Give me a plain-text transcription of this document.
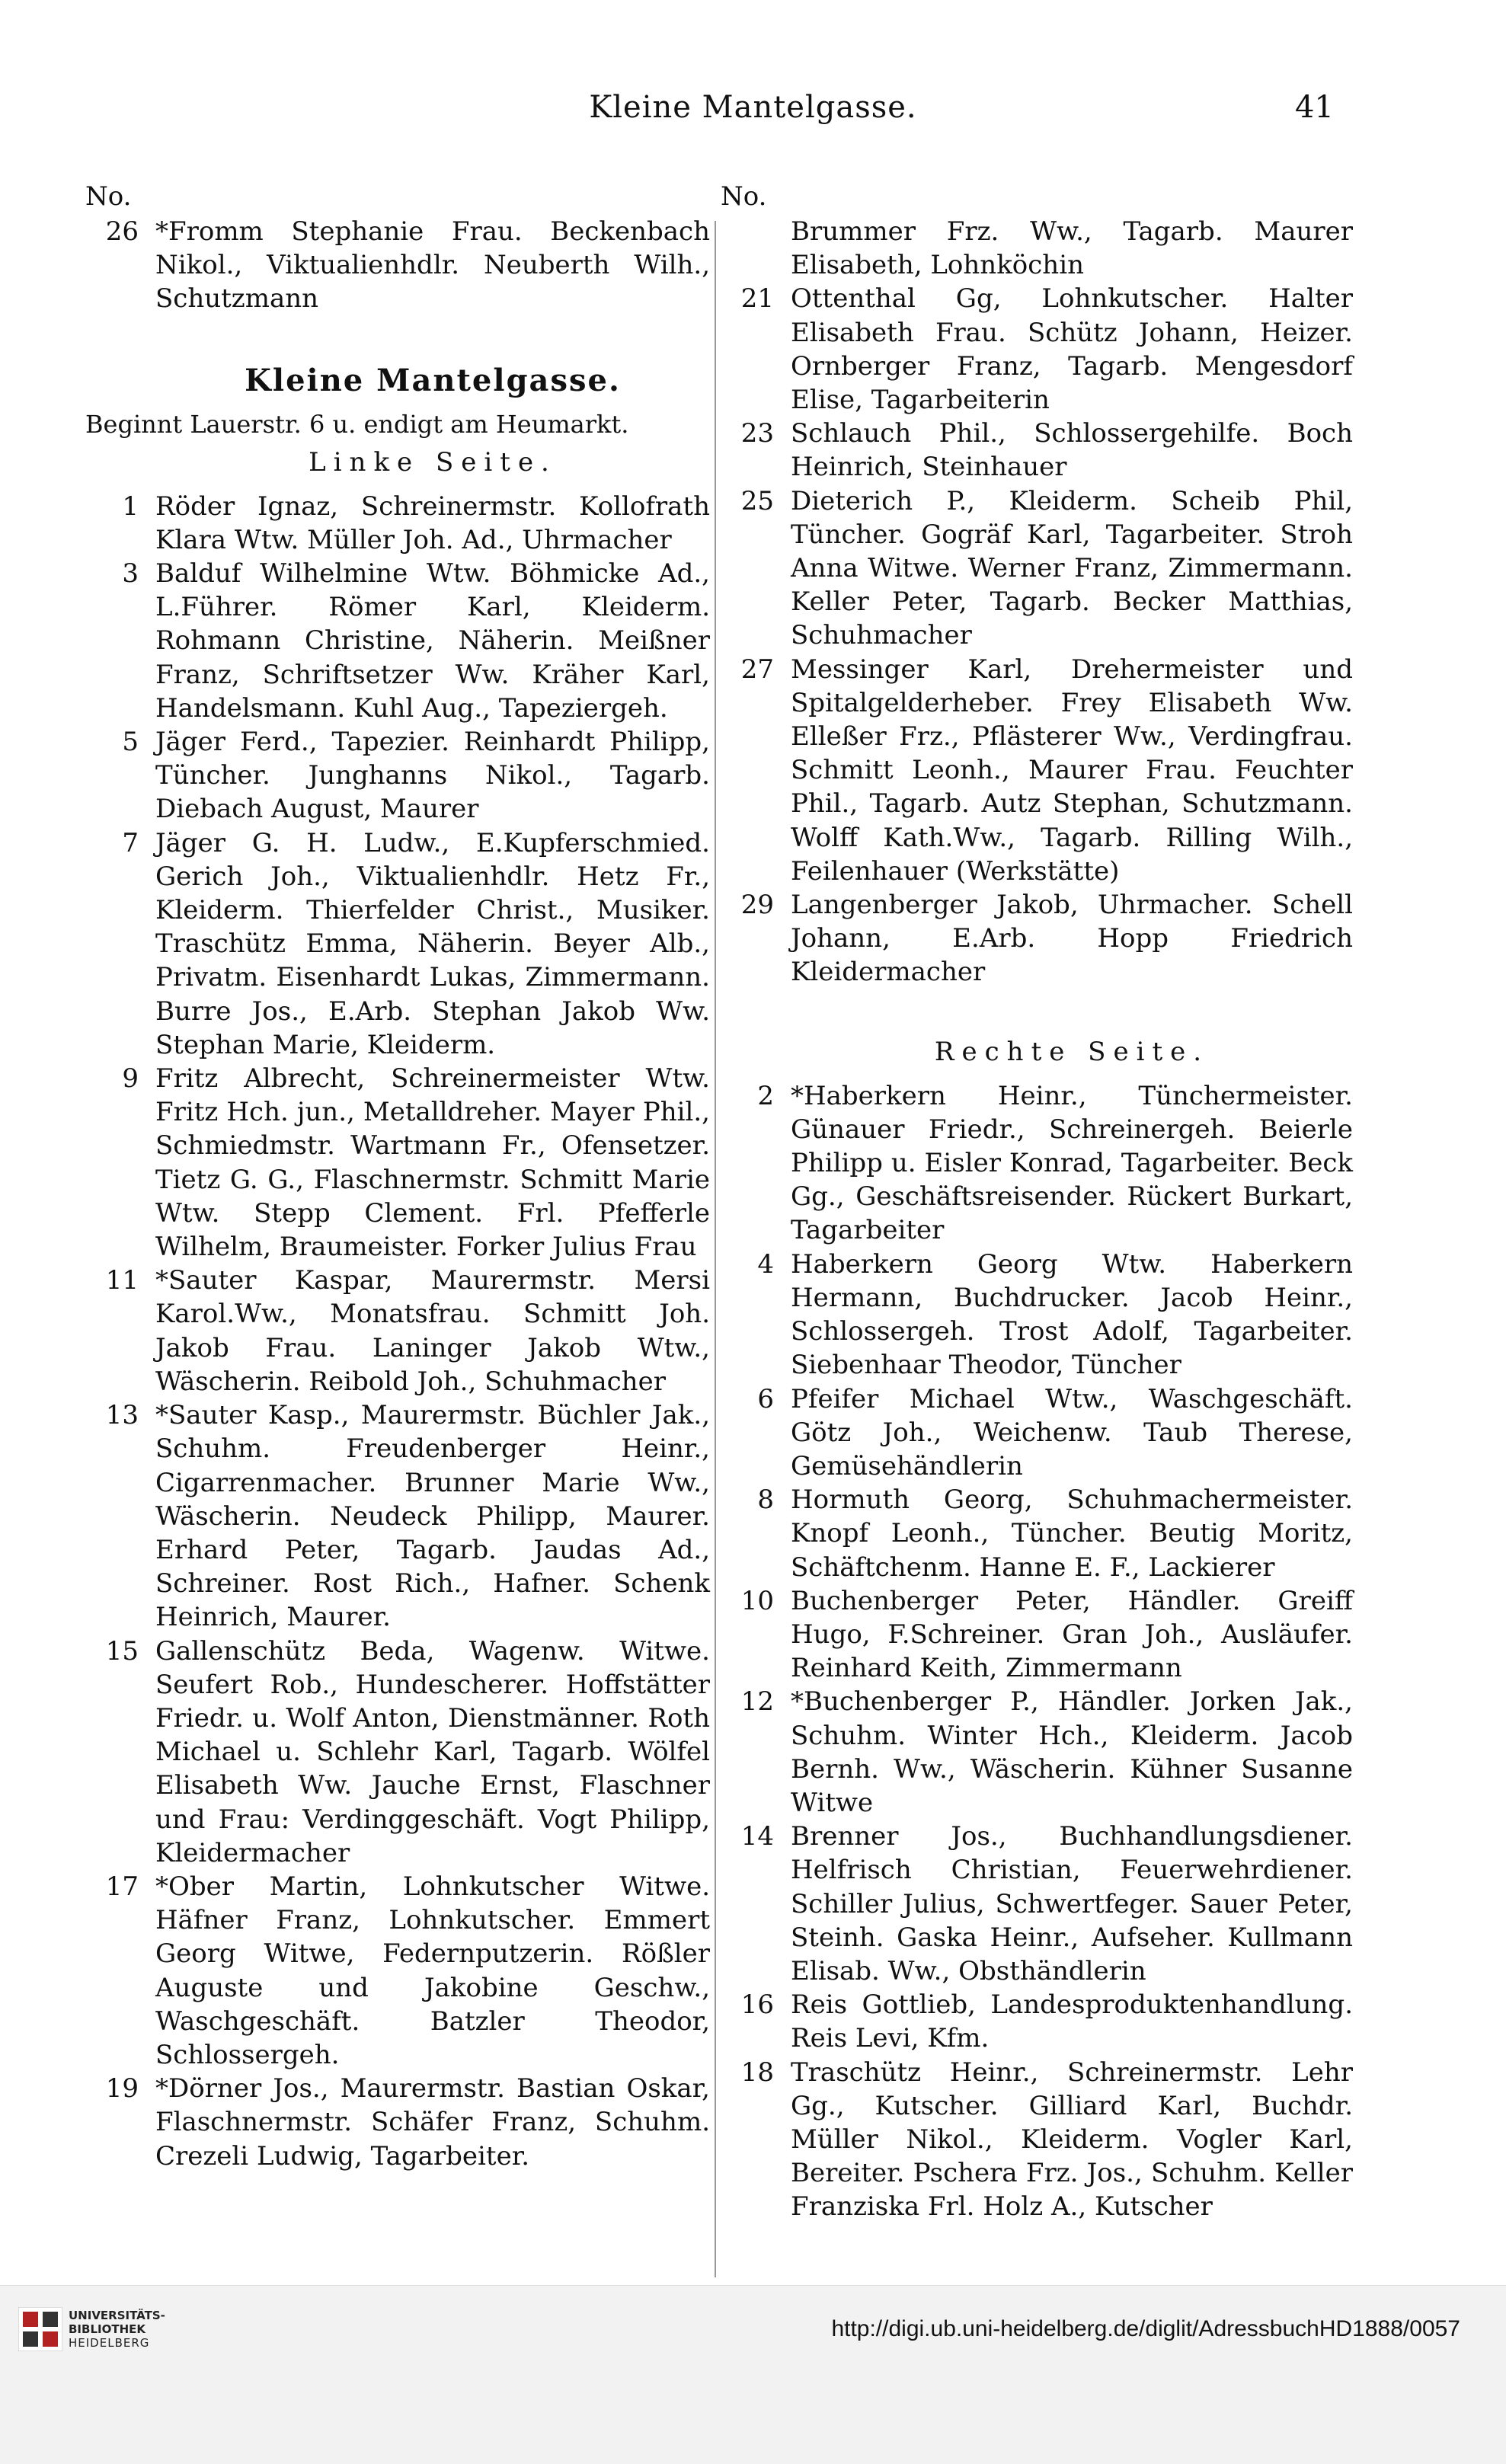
Kleine Mantelgasse.	41
No.
26 *Fromm Stephanie Frau. Beckenbach Nikol., Viktualienhdlr. Neuberth Wilh., Schutzmann
Kleine Mantelgasse.
Beginnt Lauerstr. 6 u. endigt am Heumarkt.
Linke Seite.
1 Röder Ignaz, Schreinermstr. Kollofrath Klara Wtw. Müller Joh. Ad., Uhrmacher
3 Balduf Wilhelmine Wtw. Böhmicke Ad., L.Führer. Römer Karl, Kleiderm. Rohmann Christine, Näherin. Meißner Franz, Schriftsetzer Ww. Kräher Karl, Handelsmann. Kuhl Aug., Tapeziergeh.
5 Jäger Ferd., Tapezier. Reinhardt Philipp, Tüncher. Junghanns Nikol., Tagarb. Diebach August, Maurer
7 Jäger G. H. Ludw., E.Kupferschmied. Gerich Joh., Viktualienhdlr. Hetz Fr., Kleiderm. Thierfelder Christ., Musiker. Traschütz Emma, Näherin. Beyer Alb., Privatm. Eisenhardt Lukas, Zimmermann. Burre Jos., E.Arb. Stephan Jakob Ww. Stephan Marie, Kleiderm.
9 Fritz Albrecht, Schreinermeister Wtw. Fritz Hch. jun., Metalldreher. Mayer Phil., Schmiedmstr. Wartmann Fr., Ofensetzer. Tietz G. G., Flaschnermstr. Schmitt Marie Wtw. Stepp Clement. Frl. Pfefferle Wilhelm, Braumeister. Forker Julius Frau
11 *Sauter Kaspar, Maurermstr. Mersi Karol.Ww., Monatsfrau. Schmitt Joh. Jakob Frau. Laninger Jakob Wtw., Wäscherin. Reibold Joh., Schuhmacher
13 *Sauter Kasp., Maurermstr. Büchler Jak., Schuhm. Freudenberger Heinr., Cigarrenmacher. Brunner Marie Ww., Wäscherin. Neudeck Philipp, Maurer. Erhard Peter, Tagarb. Jaudas Ad., Schreiner. Rost Rich., Hafner. Schenk Heinrich, Maurer.
15 Gallenschütz Beda, Wagenw. Witwe. Seufert Rob., Hundescherer. Hoffstätter Friedr. u. Wolf Anton, Dienstmänner. Roth Michael u. Schlehr Karl, Tagarb. Wölfel Elisabeth Ww. Jauche Ernst, Flaschner und Frau: Verdinggeschäft. Vogt Philipp, Kleidermacher
17 *Ober Martin, Lohnkutscher Witwe. Häfner Franz, Lohnkutscher. Emmert Georg Witwe, Federnputzerin. Rößler Auguste und Jakobine Geschw., Waschgeschäft. Batzler Theodor, Schlossergeh.
19 *Dörner Jos., Maurermstr. Bastian Oskar, Flaschnermstr. Schäfer Franz, Schuhm. Crezeli Ludwig, Tagarbeiter.
No.
Brummer Frz. Ww., Tagarb. Maurer Elisabeth, Lohnköchin
21 Ottenthal Gg, Lohnkutscher. Halter Elisabeth Frau. Schütz Johann, Heizer. Ornberger Franz, Tagarb. Mengesdorf Elise, Tagarbeiterin
23 Schlauch Phil., Schlossergehilfe. Boch Heinrich, Steinhauer
25 Dieterich P., Kleiderm. Scheib Phil, Tüncher. Gogräf Karl, Tagarbeiter. Stroh Anna Witwe. Werner Franz, Zimmermann. Keller Peter, Tagarb. Becker Matthias, Schuhmacher
27 Messinger Karl, Drehermeister und Spitalgelderheber. Frey Elisabeth Ww. Elleßer Frz., Pflästerer Ww., Verdingfrau. Schmitt Leonh., Maurer Frau. Feuchter Phil., Tagarb. Autz Stephan, Schutzmann. Wolff Kath.Ww., Tagarb. Rilling Wilh., Feilenhauer (Werkstätte)
29 Langenberger Jakob, Uhrmacher. Schell Johann, E.Arb. Hopp Friedrich Kleidermacher
Rechte Seite.
2 *Haberkern Heinr., Tünchermeister. Günauer Friedr., Schreinergeh. Beierle Philipp u. Eisler Konrad, Tagarbeiter. Beck Gg., Geschäftsreisender. Rückert Burkart, Tagarbeiter
4 Haberkern Georg Wtw. Haberkern Hermann, Buchdrucker. Jacob Heinr., Schlossergeh. Trost Adolf, Tagarbeiter. Siebenhaar Theodor, Tüncher
6 Pfeifer Michael Wtw., Waschgeschäft. Götz Joh., Weichenw. Taub Therese, Gemüsehändlerin
8 Hormuth Georg, Schuhmachermeister. Knopf Leonh., Tüncher. Beutig Moritz, Schäftchenm. Hanne E. F., Lackierer
10 Buchenberger Peter, Händler. Greiff Hugo, F.Schreiner. Gran Joh., Ausläufer. Reinhard Keith, Zimmermann
12 *Buchenberger P., Händler. Jorken Jak., Schuhm. Winter Hch., Kleiderm. Jacob Bernh. Ww., Wäscherin. Kühner Susanne Witwe
14 Brenner Jos., Buchhandlungsdiener. Helfrisch Christian, Feuerwehrdiener. Schiller Julius, Schwertfeger. Sauer Peter, Steinh. Gaska Heinr., Aufseher. Kullmann Elisab. Ww., Obsthändlerin
16 Reis Gottlieb, Landesproduktenhandlung. Reis Levi, Kfm.
18 Traschütz Heinr., Schreinermstr. Lehr Gg., Kutscher. Gilliard Karl, Buchdr. Müller Nikol., Kleiderm. Vogler Karl, Bereiter. Pschera Frz. Jos., Schuhm. Keller Franziska Frl. Holz A., Kutscher
UNIVERSITÄTS-
BIBLIOTHEK
HEIDELBERG
http://digi.ub.uni-heidelberg.de/diglit/AdressbuchHD1888/0057
